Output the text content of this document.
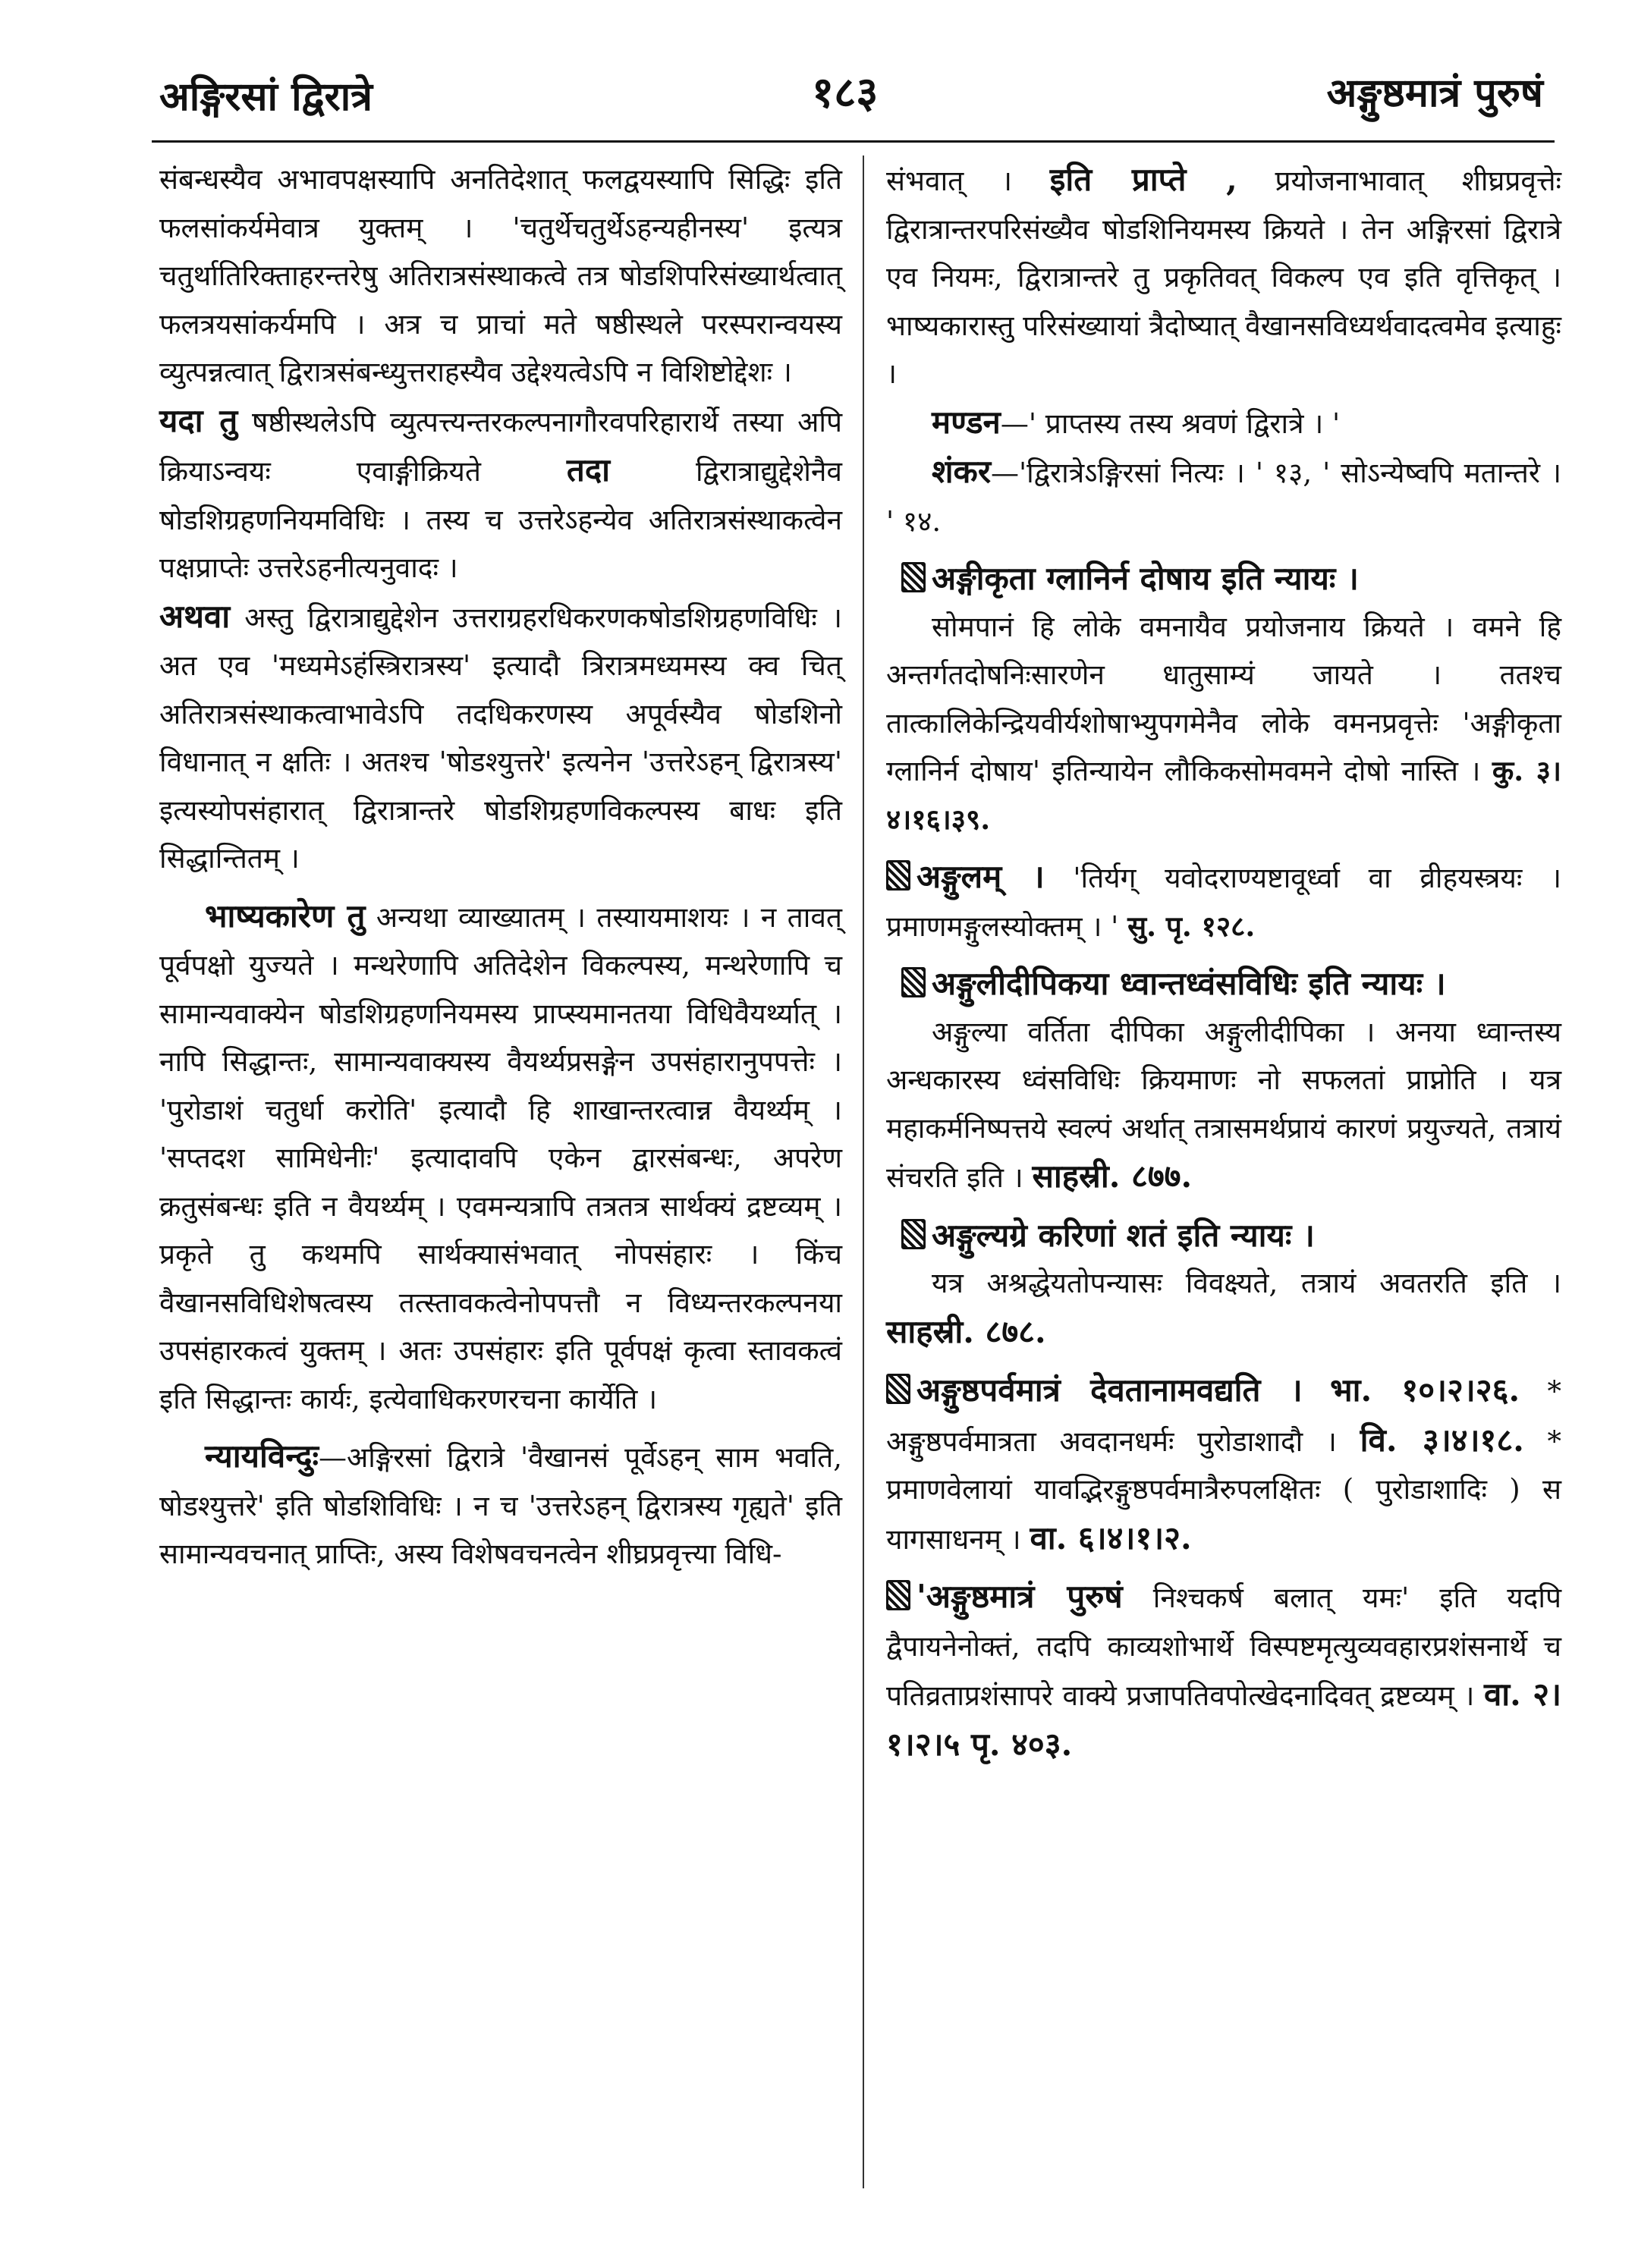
अङ्गिरसां द्विरात्रे	१८३	अङ्गुष्ठमात्रं पुरुषं

संबन्धस्यैव अभावपक्षस्यापि अनतिदेशात् फलद्वयस्यापि सिद्धिः इति फलसांकर्यमेवात्र युक्तम् । 'चतुर्थेचतुर्थेऽहन्यहीनस्य' इत्यत्र चतुर्थातिरिक्ताहरन्तरेषु अतिरात्रसंस्थाकत्वे तत्र षोडशिपरिसंख्यार्थत्वात् फलत्रयसांकर्यमपि । अत्र च प्राचां मते षष्ठीस्थले परस्परान्वयस्य व्युत्पन्नत्वात् द्विरात्रसंबन्ध्युत्तराहस्यैव उद्देश्यत्वेऽपि न विशिष्टोद्देशः ।

यदा तु षष्ठीस्थलेऽपि व्युत्पत्त्यन्तरकल्पनागौरवपरिहारार्थे तस्या अपि क्रियाऽन्वयः एवाङ्गीक्रियते	तदा	द्विरात्राद्युद्देशेनैव षोडशिग्रहणनियमविधिः । तस्य च उत्तरेऽहन्येव अतिरात्रसंस्थाकत्वेन पक्षप्राप्तेः उत्तरेऽहनीत्यनुवादः ।

अथवा अस्तु द्विरात्राद्युद्देशेन उत्तराग्रहरधिकरणकषोडशिग्रहणविधिः । अत एव 'मध्यमेऽहंस्त्रिरात्रस्य' इत्यादौ त्रिरात्रमध्यमस्य क्व चित् अतिरात्रसंस्थाकत्वाभावेऽपि तदधिकरणस्य अपूर्वस्यैव षोडशिनो विधानात् न क्षतिः । अतश्च 'षोडश्युत्तरे' इत्यनेन 'उत्तरेऽहन् द्विरात्रस्य' इत्यस्योपसंहारात् द्विरात्रान्तरे षोडशिग्रहणविकल्पस्य बाधः इति सिद्धान्तितम् ।

भाष्यकारेण तु अन्यथा व्याख्यातम् । तस्यायमाशयः । न तावत् पूर्वपक्षो युज्यते । मन्थरेणापि अतिदेशेन विकल्पस्य, मन्थरेणापि च सामान्यवाक्येन षोडशिग्रहणनियमस्य प्राप्स्यमानतया विधिवैयर्थ्यात् । नापि सिद्धान्तः, सामान्यवाक्यस्य वैयर्थ्यप्रसङ्गेन उपसंहारानुपपत्तेः । 'पुरोडाशं चतुर्धा करोति' इत्यादौ हि शाखान्तरत्वान्न वैयर्थ्यम् । 'सप्तदश सामिधेनीः' इत्यादावपि एकेन द्वारसंबन्धः, अपरेण क्रतुसंबन्धः इति न वैयर्थ्यम् । एवमन्यत्रापि तत्रतत्र सार्थक्यं द्रष्टव्यम् । प्रकृते तु कथमपि सार्थक्यासंभवात् नोपसंहारः । किंच वैखानसविधिशेषत्वस्य तत्स्तावकत्वेनोपपत्तौ न विध्यन्तरकल्पनया उपसंहारकत्वं युक्तम् । अतः उपसंहारः इति पूर्वपक्षं कृत्वा स्तावकत्वं इति सिद्धान्तः कार्यः, इत्येवाधिकरणरचना कार्येति ।

न्यायविन्दुः—अङ्गिरसां द्विरात्रे 'वैखानसं पूर्वेऽहन् साम भवति, षोडश्युत्तरे' इति षोडशिविधिः । न च 'उत्तरेऽहन् द्विरात्रस्य गृह्यते' इति सामान्यवचनात् प्राप्तिः, अस्य विशेषवचनत्वेन शीघ्रप्रवृत्त्या विधि-

संभवात् । इति प्राप्ते , प्रयोजनाभावात् शीघ्रप्रवृत्तेः द्विरात्रान्तरपरिसंख्यैव षोडशिनियमस्य क्रियते । तेन अङ्गिरसां द्विरात्रे एव नियमः, द्विरात्रान्तरे तु प्रकृतिवत् विकल्प एव इति वृत्तिकृत् । भाष्यकारास्तु परिसंख्यायां त्रैदोष्यात् वैखानसविध्यर्थवादत्वमेव इत्याहुः ।

मण्डन—' प्राप्तस्य तस्य श्रवणं द्विरात्रे । '

शंकर—'द्विरात्रेऽङ्गिरसां नित्यः । ' १३, ' सोऽन्येष्वपि मतान्तरे । ' १४.

अङ्गीकृता ग्लानिर्न दोषाय इति न्यायः ।

सोमपानं हि लोके वमनायैव प्रयोजनाय क्रियते । वमने हि अन्तर्गतदोषनिःसारणेन धातुसाम्यं जायते । ततश्च तात्कालिकेन्द्रियवीर्यशोषाभ्युपगमेनैव लोके वमनप्रवृत्तेः 'अङ्गीकृता ग्लानिर्न दोषाय' इतिन्यायेन लौकिकसोमवमने दोषो नास्ति । कु. ३।४।१६।३९.

अङ्गुलम् । 'तिर्यग् यवोदराण्यष्टावूर्ध्वा वा व्रीहयस्त्रयः । प्रमाणमङ्गुलस्योक्तम् । ' सु. पृ. १२८.

अङ्गुलीदीपिकया ध्वान्तध्वंसविधिः इति न्यायः ।

अङ्गुल्या वर्तिता दीपिका अङ्गुलीदीपिका । अनया ध्वान्तस्य अन्धकारस्य ध्वंसविधिः क्रियमाणः नो सफलतां प्राप्नोति । यत्र महाकर्मनिष्पत्तये स्वल्पं अर्थात् तत्रासमर्थप्रायं कारणं प्रयुज्यते, तत्रायं संचरति इति । साहस्री. ८७७.

अङ्गुल्यग्रे करिणां शतं इति न्यायः ।

यत्र अश्रद्धेयतोपन्यासः विवक्ष्यते, तत्रायं अवतरति इति । साहस्री. ८७८.

अङ्गुष्ठपर्वमात्रं देवतानामवद्यति । भा. १०।२।२६. * अङ्गुष्ठपर्वमात्रता अवदानधर्मः पुरोडाशादौ । वि. ३।४।१८. * प्रमाणवेलायां यावद्भिरङ्गुष्ठपर्वमात्रैरुपलक्षितः ( पुरोडाशादिः ) स यागसाधनम् । वा. ६।४।१।२.

'अङ्गुष्ठमात्रं पुरुषं निश्चकर्ष बलात् यमः' इति यदपि द्वैपायनेनोक्तं, तदपि काव्यशोभार्थे विस्पष्टमृत्युव्यवहारप्रशंसनार्थे च पतिव्रताप्रशंसापरे वाक्ये प्रजापतिवपोत्खेदनादिवत् द्रष्टव्यम् । वा. २।१।२।५ पृ. ४०३.
